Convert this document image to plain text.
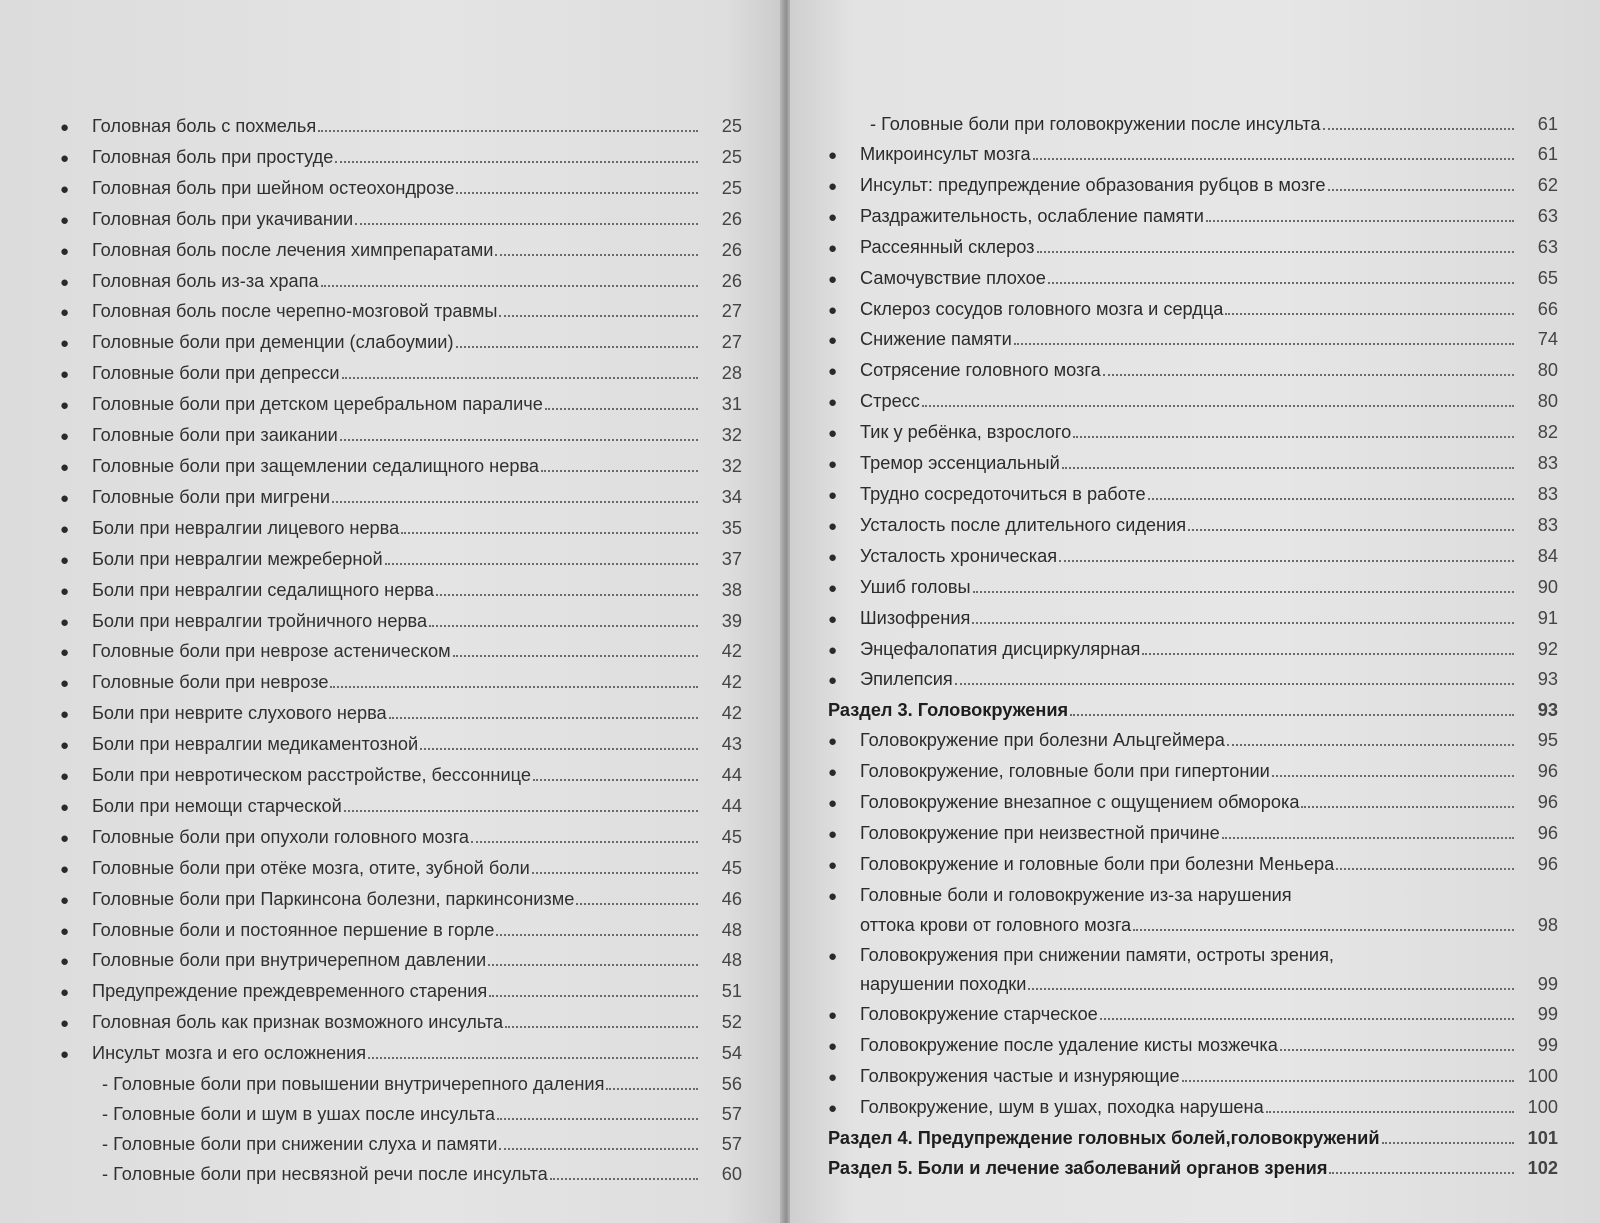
●	Головная боль с похмелья	25
●	Головная боль при простуде	25
●	Головная боль при шейном остеохондрозе	25
●	Головная боль при укачивании	26
●	Головная боль после лечения химпрепаратами	26
●	Головная боль из-за храпа	26
●	Головная боль после черепно-мозговой травмы	27
●	Головные боли при деменции (слабоумии)	27
●	Головные боли при депресси	28
●	Головные боли при детском церебральном параличе	31
●	Головные боли при заикании	32
●	Головные боли при защемлении седалищного нерва	32
●	Головные боли при мигрени	34
●	Боли при невралгии лицевого нерва	35
●	Боли при невралгии межреберной	37
●	Боли при невралгии седалищного нерва	38
●	Боли при невралгии тройничного нерва	39
●	Головные боли при неврозе астеническом	42
●	Головные боли при неврозе	42
●	Боли при неврите слухового нерва	42
●	Боли при невралгии медикаментозной	43
●	Боли при невротическом расстройстве, бессоннице	44
●	Боли при немощи старческой	44
●	Головные боли при опухоли головного мозга	45
●	Головные боли при отёке мозга, отите, зубной боли	45
●	Головные боли при Паркинсона болезни, паркинсонизме	46
●	Головные боли и постоянное першение в горле	48
●	Головные боли при внутричерепном давлении	48
●	Предупреждение преждевременного старения	51
●	Головная боль как признак возможного инсульта	52
●	Инсульт мозга и его осложнения	54
- Головные боли при повышении внутричерепного даления	56
- Головные боли и шум в ушах после инсульта	57
- Головные боли при снижении слуха и памяти	57
- Головные боли при несвязной речи после инсульта	60
- Головные боли при головокружении после инсульта	61
●	Микроинсульт мозга	61
●	Инсульт: предупреждение образования рубцов в мозге	62
●	Раздражительность, ослабление памяти	63
●	Рассеянный склероз	63
●	Самочувствие плохое	65
●	Склероз сосудов головного мозга и сердца	66
●	Снижение памяти	74
●	Сотрясение головного мозга	80
●	Стресс	80
●	Тик у ребёнка, взрослого	82
●	Тремор эссенциальный	83
●	Трудно сосредоточиться в работе	83
●	Усталость после длительного сидения	83
●	Усталость хроническая	84
●	Ушиб головы	90
●	Шизофрения	91
●	Энцефалопатия дисциркулярная	92
●	Эпилепсия	93
Раздел 3. Головокружения	93
●	Головокружение при болезни Альцгеймера	95
●	Головокружение, головные боли при гипертонии	96
●	Головокружение внезапное с ощущением обморока	96
●	Головокружение при неизвестной причине	96
●	Головокружение и головные боли при болезни Меньера	96
●	Головные боли и головокружение из-за нарушения
оттока крови от головного мозга	98
●	Головокружения при снижении памяти, остроты зрения,
нарушении походки	99
●	Головокружение старческое	99
●	Головокружение после удаление кисты мозжечка	99
●	Голвокружения частые и изнуряющие	100
●	Голвокружение, шум в ушах, походка нарушена	100
Раздел 4. Предупреждение головных болей,головокружений	101
Раздел 5. Боли и лечение заболеваний органов зрения	102
